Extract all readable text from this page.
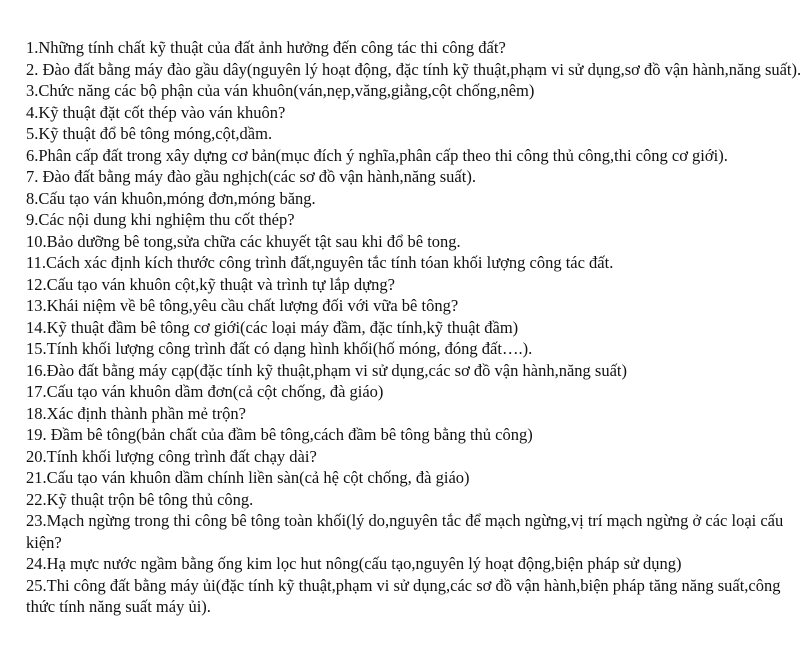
1.Những tính chất kỹ thuật của đất ảnh hưởng đến công tác thi công đất?

2. Đào đất bằng máy đào gầu dây(nguyên lý hoạt động, đặc tính kỹ thuật,phạm vi sử dụng,sơ đồ vận hành,năng suất).

3.Chức năng các bộ phận của ván khuôn(ván,nẹp,văng,giằng,cột chống,nêm)

4.Kỹ thuật đặt cốt thép vào ván khuôn?

5.Kỹ thuật đổ bê tông móng,cột,dầm.

6.Phân cấp đất trong xây dựng cơ bản(mục đích ý nghĩa,phân cấp theo thi công thủ công,thi công cơ giới).

7. Đào đất bằng máy đào gầu nghịch(các sơ đồ vận hành,năng suất).

8.Cấu tạo ván khuôn,móng đơn,móng băng.

9.Các nội dung khi nghiệm thu cốt thép?

10.Bảo dưỡng bê tong,sửa chữa các khuyết tật sau khi đổ bê tong.

11.Cách xác định kích thước công trình đất,nguyên tắc tính tóan khối lượng công tác đất.

12.Cấu tạo ván khuôn cột,kỹ thuật và trình tự lắp dựng?

13.Khái niệm về bê tông,yêu cầu chất lượng đối với vữa bê tông?

14.Kỹ thuật đầm bê tông cơ giới(các loại máy đầm, đặc tính,kỹ thuật đầm)

15.Tính khối lượng công trình đất có dạng hình khối(hố móng, đóng đất….).

16.Đào đất bằng máy cạp(đặc tính kỹ thuật,phạm vi sử dụng,các sơ đồ vận hành,năng suất)

17.Cấu tạo ván khuôn dầm đơn(cả cột chống, đà giáo)

18.Xác định thành phần mẻ trộn?

19. Đầm bê tông(bản chất của đầm bê tông,cách đầm bê tông bằng thủ công)

20.Tính khối lượng công trình đất chạy dài?

21.Cấu tạo ván khuôn dầm chính liền sàn(cả hệ cột chống, đà giáo)

22.Kỹ thuật trộn bê tông thủ công.

23.Mạch ngừng trong thi công bê tông toàn khối(lý do,nguyên tắc để mạch ngừng,vị trí mạch ngừng ở các loại cấu kiện?

24.Hạ mực nước ngầm bằng ống kim lọc hut nông(cấu tạo,nguyên lý hoạt động,biện pháp sử dụng)

25.Thi công đất bằng máy ủi(đặc tính kỹ thuật,phạm vi sử dụng,các sơ đồ vận hành,biện pháp tăng năng suất,công thức tính năng suất máy ủi).
